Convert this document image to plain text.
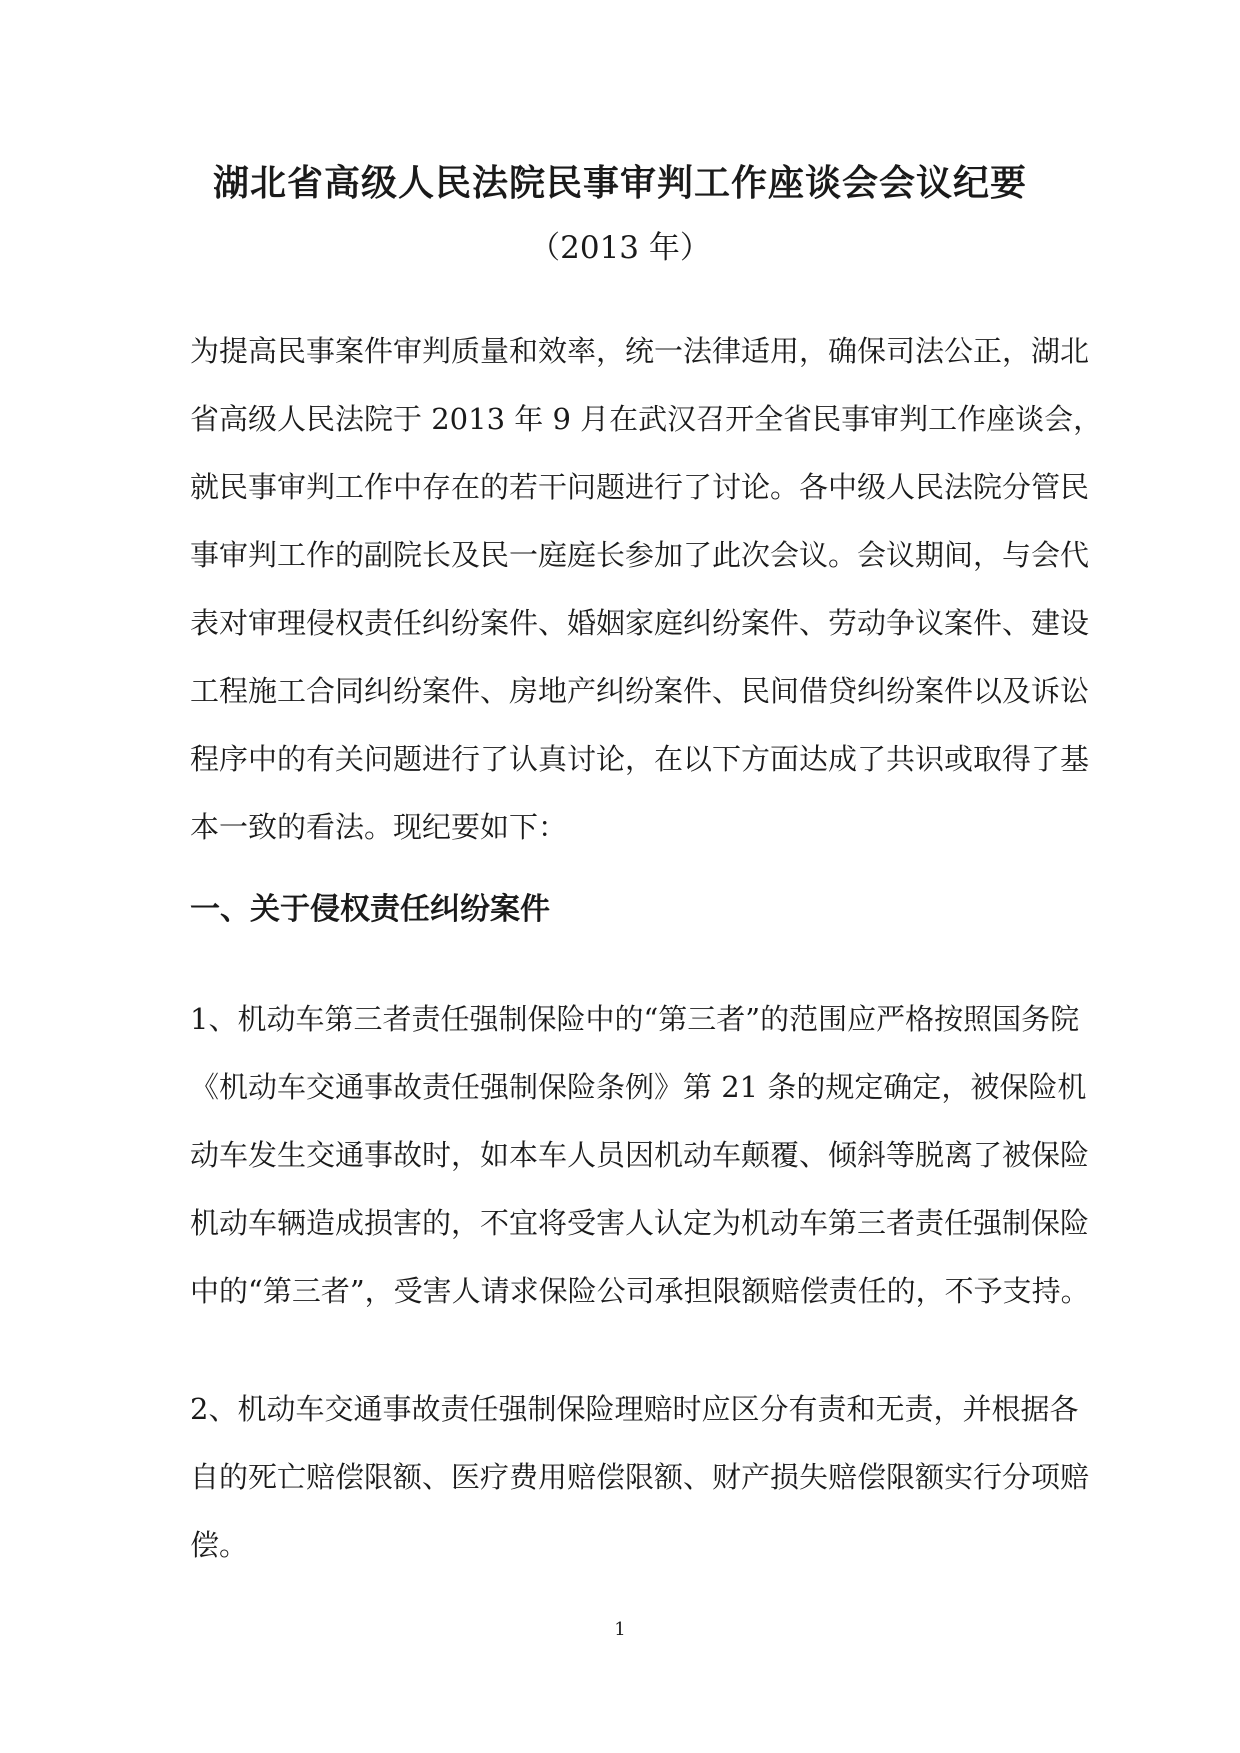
湖北省高级人民法院民事审判工作座谈会会议纪要
（2013 年）
为提高民事案件审判质量和效率，统一法律适用，确保司法公正，湖北
省高级人民法院于 2013 年 9 月在武汉召开全省民事审判工作座谈会，
就民事审判工作中存在的若干问题进行了讨论。各中级人民法院分管民
事审判工作的副院长及民一庭庭长参加了此次会议。会议期间，与会代
表对审理侵权责任纠纷案件、婚姻家庭纠纷案件、劳动争议案件、建设
工程施工合同纠纷案件、房地产纠纷案件、民间借贷纠纷案件以及诉讼
程序中的有关问题进行了认真讨论，在以下方面达成了共识或取得了基
本一致的看法。现纪要如下：
一、关于侵权责任纠纷案件
1、机动车第三者责任强制保险中的“第三者”的范围应严格按照国务院
《机动车交通事故责任强制保险条例》第 21 条的规定确定，被保险机
动车发生交通事故时，如本车人员因机动车颠覆、倾斜等脱离了被保险
机动车辆造成损害的，不宜将受害人认定为机动车第三者责任强制保险
中的“第三者”，受害人请求保险公司承担限额赔偿责任的，不予支持。
2、机动车交通事故责任强制保险理赔时应区分有责和无责，并根据各
自的死亡赔偿限额、医疗费用赔偿限额、财产损失赔偿限额实行分项赔
偿。
1
